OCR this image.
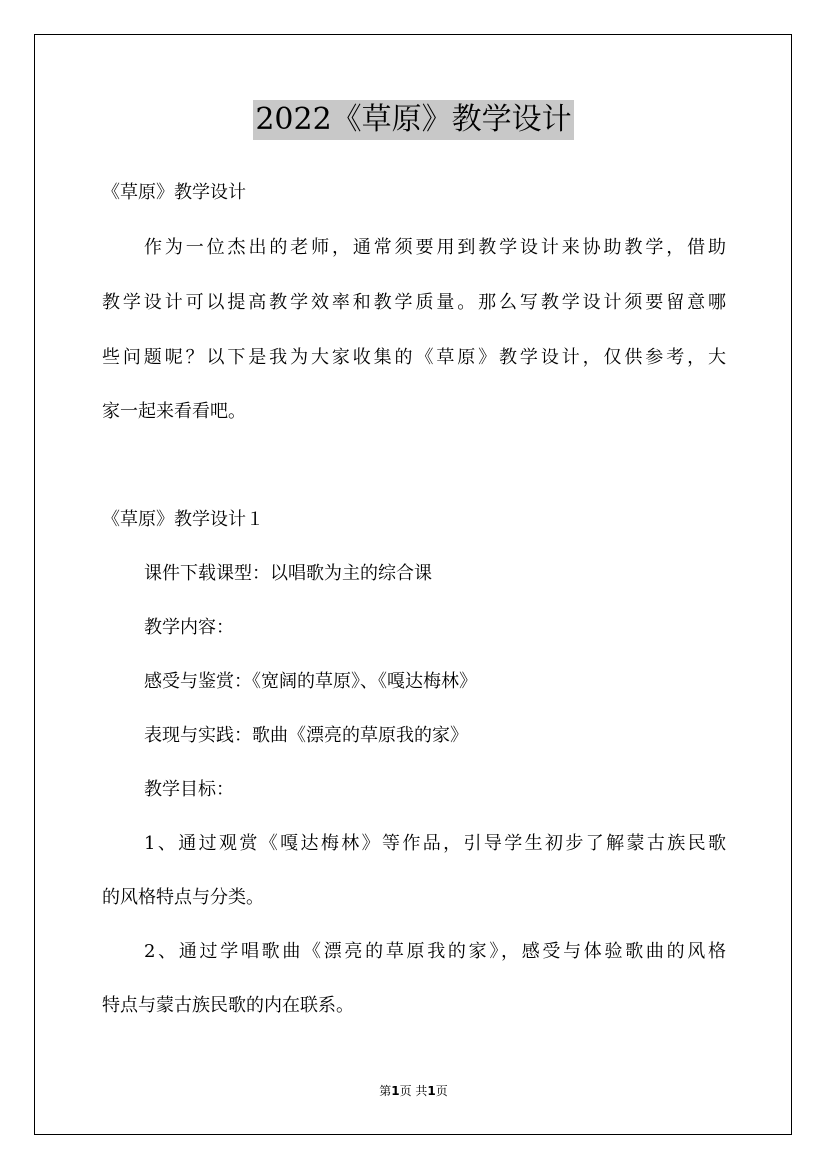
2022《草原》教学设计
《草原》教学设计
作为一位杰出的老师，通常须要用到教学设计来协助教学，借助
教学设计可以提高教学效率和教学质量。那么写教学设计须要留意哪
些问题呢？以下是我为大家收集的《草原》教学设计，仅供参考，大
家一起来看看吧。
《草原》教学设计１
课件下载课型：以唱歌为主的综合课
教学内容：
感受与鉴赏：《宽阔的草原》、《嘎达梅林》
表现与实践：歌曲《漂亮的草原我的家》
教学目标：
1、通过观赏《嘎达梅林》等作品，引导学生初步了解蒙古族民歌
的风格特点与分类。
2、通过学唱歌曲《漂亮的草原我的家》，感受与体验歌曲的风格
特点与蒙古族民歌的内在联系。
第1页 共1页
